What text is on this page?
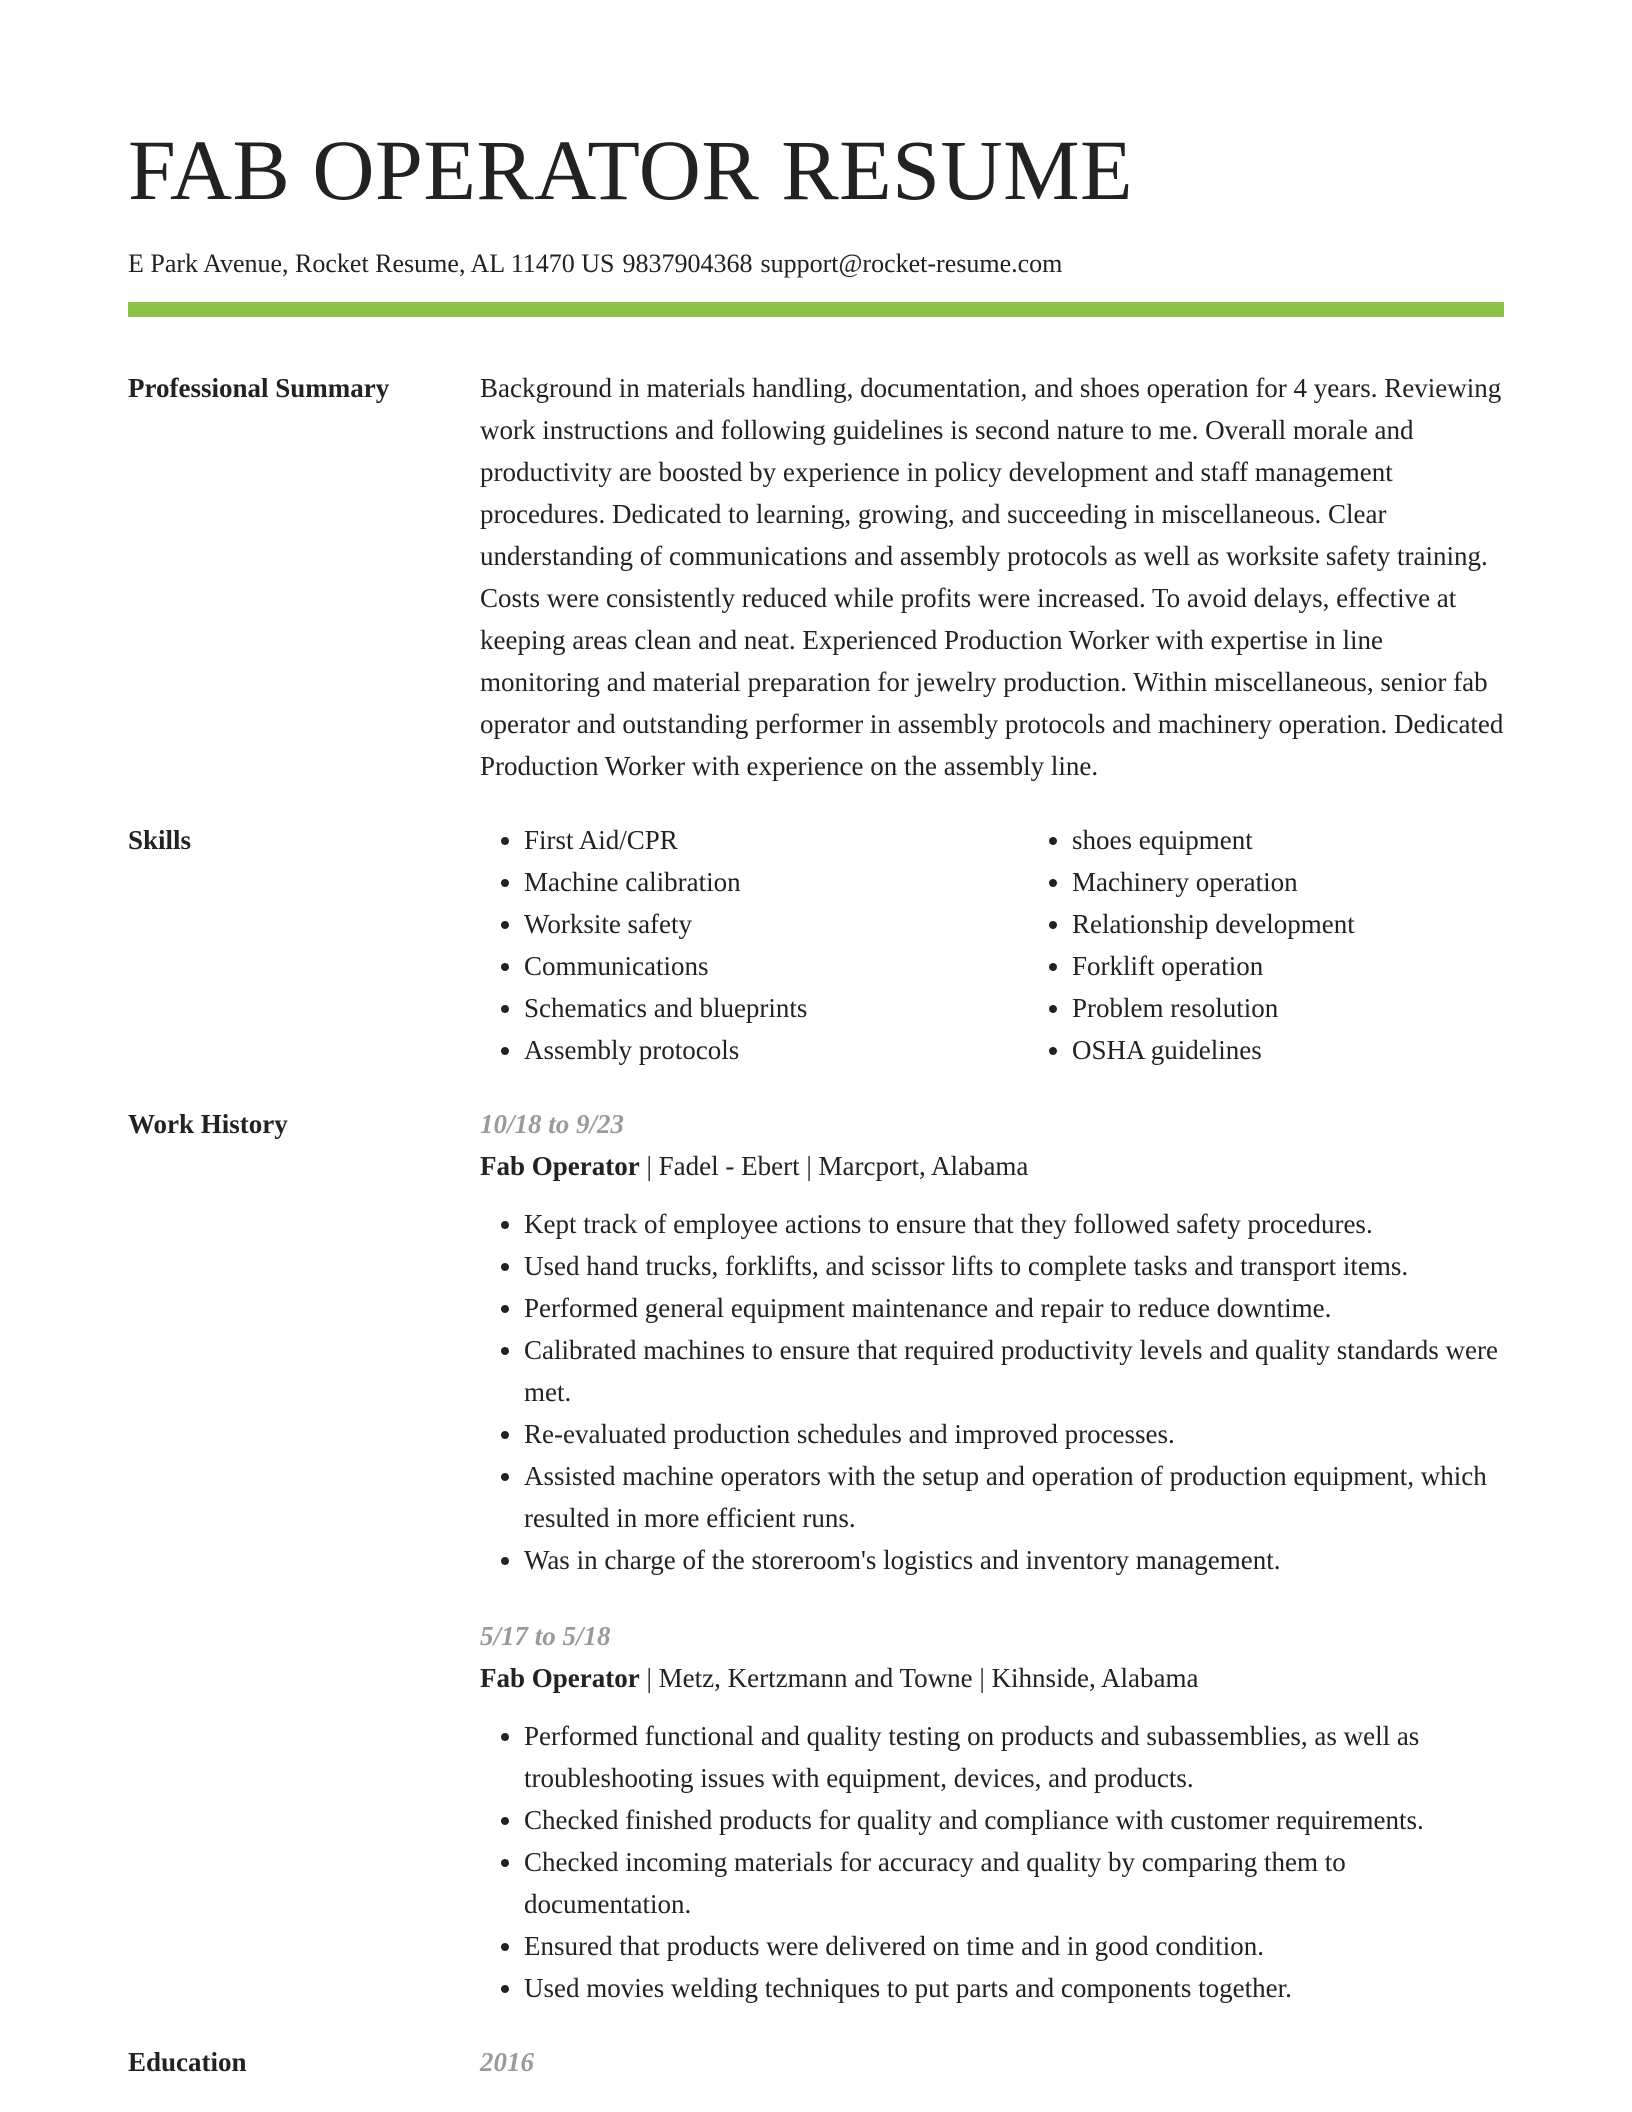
FAB OPERATOR RESUME
E Park Avenue, Rocket Resume, AL 11470 US 9837904368 support@rocket-resume.com
Professional Summary	Background in materials handling, documentation, and shoes operation for 4 years. Reviewing work instructions and following guidelines is second nature to me. Overall morale and productivity are boosted by experience in policy development and staff management procedures. Dedicated to learning, growing, and succeeding in miscellaneous. Clear understanding of communications and assembly protocols as well as worksite safety training. Costs were consistently reduced while profits were increased. To avoid delays, effective at keeping areas clean and neat. Experienced Production Worker with expertise in line monitoring and material preparation for jewelry production. Within miscellaneous, senior fab operator and outstanding performer in assembly protocols and machinery operation. Dedicated Production Worker with experience on the assembly line.

Skills
•	First Aid/CPR
• Machine calibration
• Worksite safety
• Communications
• Schematics and blueprints
• Assembly protocols
• shoes equipment
• Machinery operation
• Relationship development
• Forklift operation
• Problem resolution
• OSHA guidelines
Work History	10/18 to 9/23
Fab Operator | Fadel - Ebert | Marcport, Alabama
• Kept track of employee actions to ensure that they followed safety procedures.
• Used hand trucks, forklifts, and scissor lifts to complete tasks and transport items.
• Performed general equipment maintenance and repair to reduce downtime.
• Calibrated machines to ensure that required productivity levels and quality standards were met.
• Re-evaluated production schedules and improved processes.
• Assisted machine operators with the setup and operation of production equipment, which resulted in more efficient runs.
• Was in charge of the storeroom's logistics and inventory management.
5/17 to 5/18
Fab Operator | Metz, Kertzmann and Towne | Kihnside, Alabama
• Performed functional and quality testing on products and subassemblies, as well as troubleshooting issues with equipment, devices, and products.
• Checked finished products for quality and compliance with customer requirements.
• Checked incoming materials for accuracy and quality by comparing them to documentation.
• Ensured that products were delivered on time and in good condition.
• Used movies welding techniques to put parts and components together.
Education	2016
